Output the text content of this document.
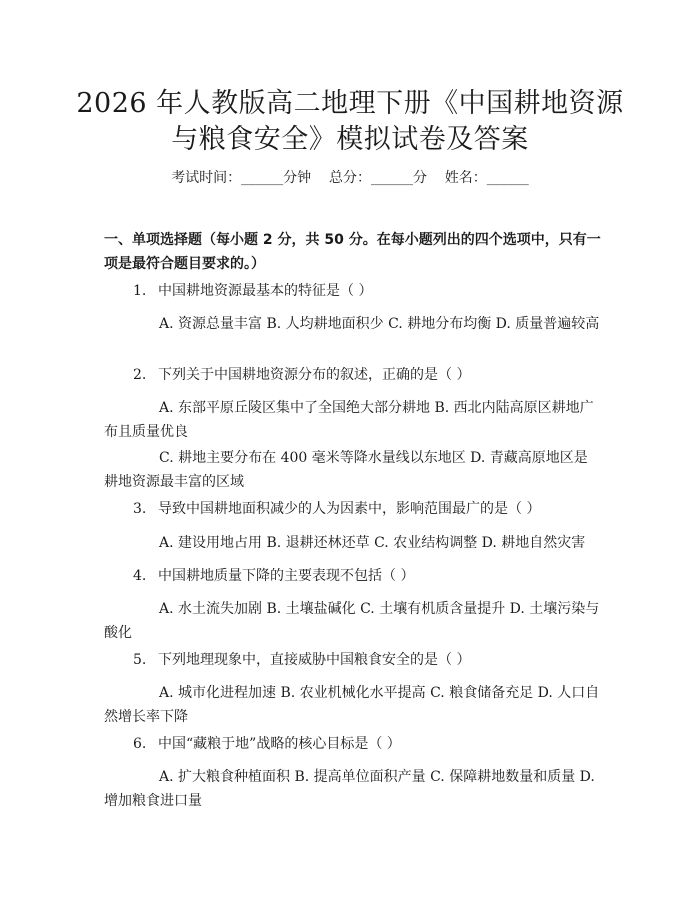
2026 年人教版高二地理下册《中国耕地资源
与粮食安全》模拟试卷及答案
考试时间：______分钟    总分：______分    姓名：______
一、单项选择题（每小题 2 分，共 50 分。在每小题列出的四个选项中，只有一项是最符合题目要求的。）
1. 中国耕地资源最基本的特征是（ ）
A. 资源总量丰富 B. 人均耕地面积少 C. 耕地分布均衡 D. 质量普遍较高
2. 下列关于中国耕地资源分布的叙述，正确的是（ ）
A. 东部平原丘陵区集中了全国绝大部分耕地 B. 西北内陆高原区耕地广布且质量优良
C. 耕地主要分布在 400 毫米等降水量线以东地区 D. 青藏高原地区是耕地资源最丰富的区域
3. 导致中国耕地面积减少的人为因素中，影响范围最广的是（ ）
A. 建设用地占用 B. 退耕还林还草 C. 农业结构调整 D. 耕地自然灾害
4. 中国耕地质量下降的主要表现不包括（ ）
A. 水土流失加剧 B. 土壤盐碱化 C. 土壤有机质含量提升 D. 土壤污染与酸化
5. 下列地理现象中，直接威胁中国粮食安全的是（ ）
A. 城市化进程加速 B. 农业机械化水平提高 C. 粮食储备充足 D. 人口自然增长率下降
6. 中国“藏粮于地”战略的核心目标是（ ）
A. 扩大粮食种植面积 B. 提高单位面积产量 C. 保障耕地数量和质量 D. 增加粮食进口量
